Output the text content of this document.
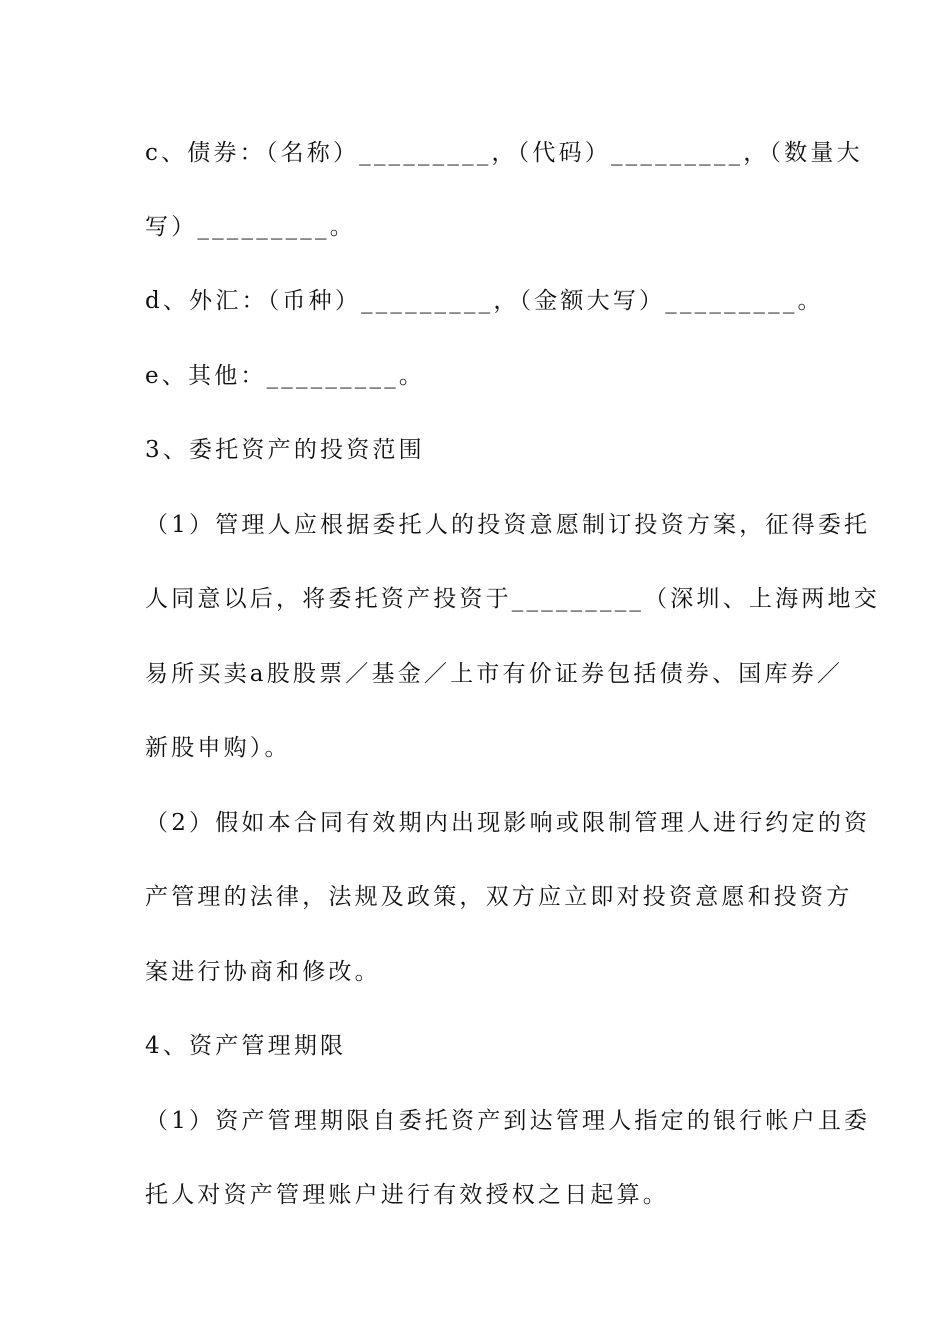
c、债券：（名称）_________，（代码）_________，（数量大
写）_________。
d、外汇：（币种）_________，（金额大写）_________。
e、其他：_________。
3、委托资产的投资范围
（1）管理人应根据委托人的投资意愿制订投资方案，征得委托
人同意以后，将委托资产投资于_________（深圳、上海两地交
易所买卖a股股票／基金／上市有价证券包括债券、国库券／
新股申购）。
（2）假如本合同有效期内出现影响或限制管理人进行约定的资
产管理的法律，法规及政策，双方应立即对投资意愿和投资方
案进行协商和修改。
4、资产管理期限
（1）资产管理期限自委托资产到达管理人指定的银行帐户且委
托人对资产管理账户进行有效授权之日起算。
